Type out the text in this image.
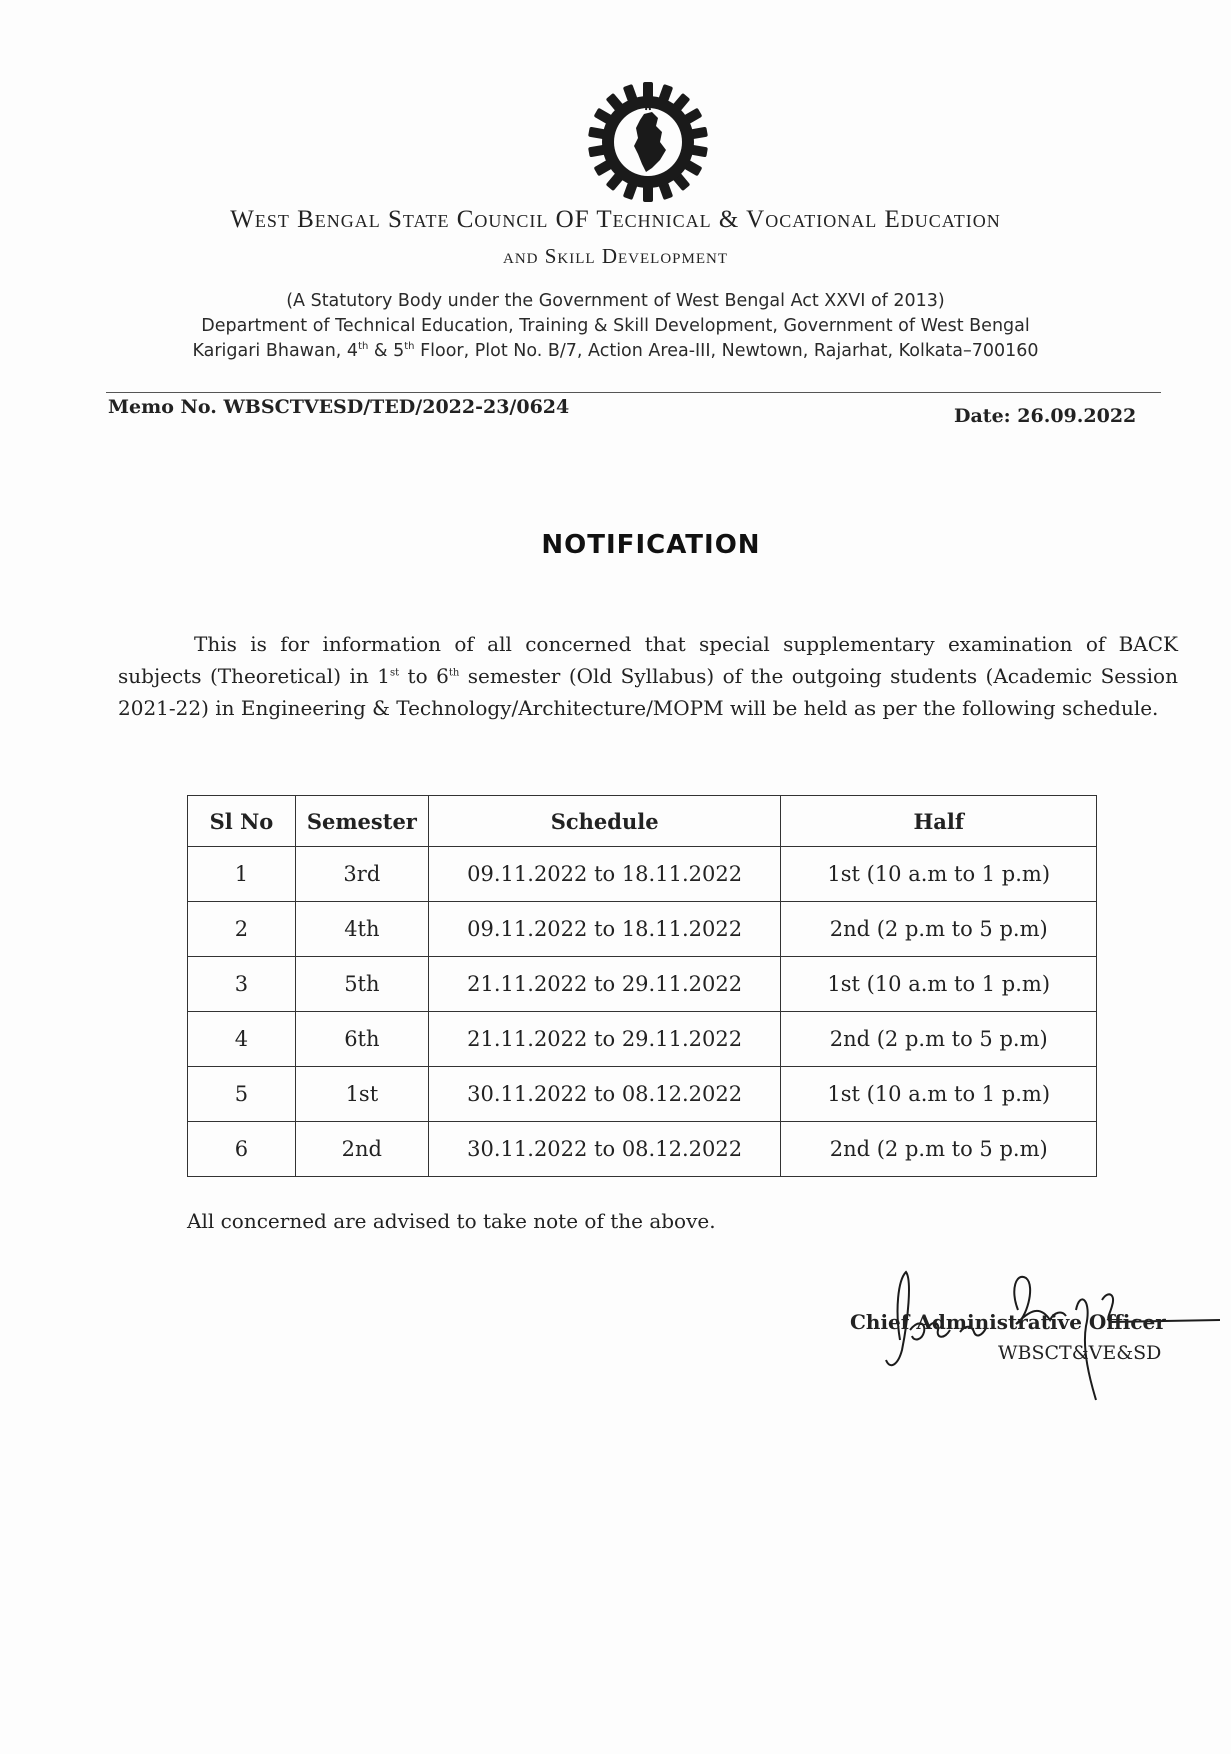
West Bengal State Council OF Technical & Vocational Education
and Skill Development
(A Statutory Body under the Government of West Bengal Act XXVI of 2013)
Department of Technical Education, Training & Skill Development, Government of West Bengal
Karigari Bhawan, 4th & 5th Floor, Plot No. B/7, Action Area-III, Newtown, Rajarhat, Kolkata–700160
Memo No. WBSCTVESD/TED/2022-23/0624	Date: 26.09.2022
NOTIFICATION
This is for information of all concerned that special supplementary examination of BACK subjects (Theoretical) in 1st to 6th semester (Old Syllabus) of the outgoing students (Academic Session 2021-22) in Engineering & Technology/Architecture/MOPM will be held as per the following schedule.
Sl No	Semester	Schedule	Half
1	3rd	09.11.2022 to 18.11.2022	1st (10 a.m to 1 p.m)
2	4th	09.11.2022 to 18.11.2022	2nd (2 p.m to 5 p.m)
3	5th	21.11.2022 to 29.11.2022	1st (10 a.m to 1 p.m)
4	6th	21.11.2022 to 29.11.2022	2nd (2 p.m to 5 p.m)
5	1st	30.11.2022 to 08.12.2022	1st (10 a.m to 1 p.m)
6	2nd	30.11.2022 to 08.12.2022	2nd (2 p.m to 5 p.m)
All concerned are advised to take note of the above.
Chief Administrative Officer
WBSCT&VE&SD
